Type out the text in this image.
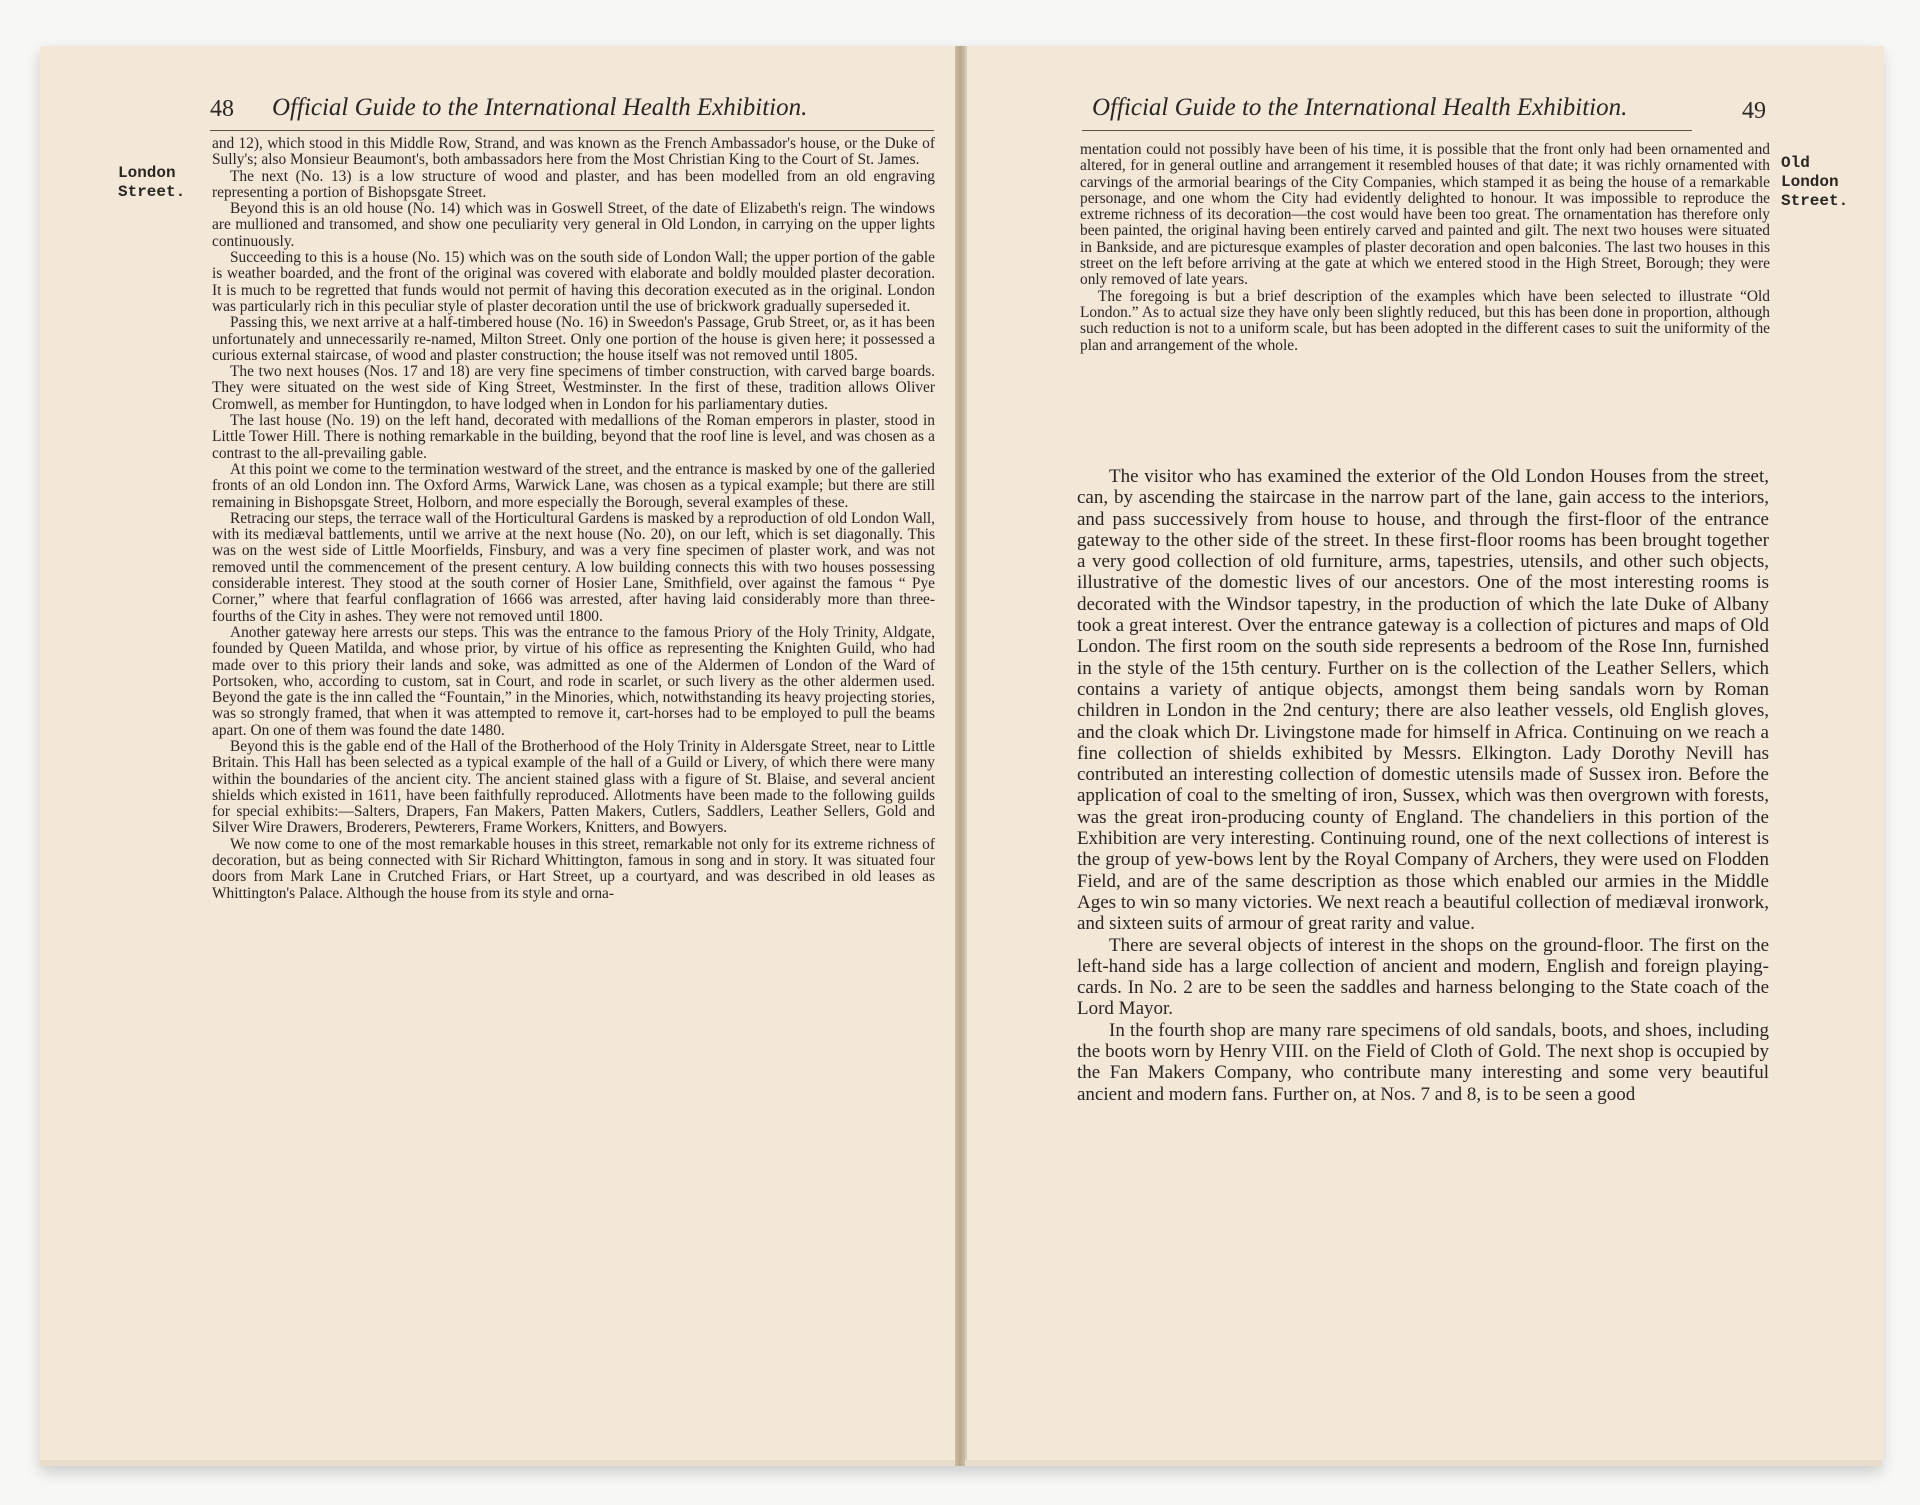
48 Official Guide to the International Health Exhibition.
London
Street.

and 12), which stood in this Middle Row, Strand, and was known as the French Ambassador's house, or the Duke of Sully's; also Monsieur Beaumont's, both ambassadors here from the Most Christian King to the Court of St. James.

The next (No. 13) is a low structure of wood and plaster, and has been modelled from an old engraving representing a portion of Bishopsgate Street.

Beyond this is an old house (No. 14) which was in Goswell Street, of the date of Elizabeth's reign. The windows are mullioned and transomed, and show one peculiarity very general in Old London, in carrying on the upper lights continuously.

Succeeding to this is a house (No. 15) which was on the south side of London Wall; the upper portion of the gable is weather boarded, and the front of the original was covered with elaborate and boldly moulded plaster decoration. It is much to be regretted that funds would not permit of having this decoration executed as in the original. London was particularly rich in this peculiar style of plaster decoration until the use of brickwork gradually superseded it.

Passing this, we next arrive at a half-timbered house (No. 16) in Sweedon's Passage, Grub Street, or, as it has been unfortunately and unnecessarily re-named, Milton Street. Only one portion of the house is given here; it possessed a curious external staircase, of wood and plaster construction; the house itself was not removed until 1805.

The two next houses (Nos. 17 and 18) are very fine specimens of timber construction, with carved barge boards. They were situated on the west side of King Street, Westminster. In the first of these, tradition allows Oliver Cromwell, as member for Huntingdon, to have lodged when in London for his parliamentary duties.

The last house (No. 19) on the left hand, decorated with medallions of the Roman emperors in plaster, stood in Little Tower Hill. There is nothing remarkable in the building, beyond that the roof line is level, and was chosen as a contrast to the all-prevailing gable.

At this point we come to the termination westward of the street, and the entrance is masked by one of the galleried fronts of an old London inn. The Oxford Arms, Warwick Lane, was chosen as a typical example; but there are still remaining in Bishopsgate Street, Holborn, and more especially the Borough, several examples of these.

Retracing our steps, the terrace wall of the Horticultural Gardens is masked by a reproduction of old London Wall, with its mediæval battlements, until we arrive at the next house (No. 20), on our left, which is set diagonally. This was on the west side of Little Moorfields, Finsbury, and was a very fine specimen of plaster work, and was not removed until the commencement of the present century. A low building connects this with two houses possessing considerable interest. They stood at the south corner of Hosier Lane, Smithfield, over against the famous “ Pye Corner,” where that fearful conflagration of 1666 was arrested, after having laid considerably more than three-fourths of the City in ashes. They were not removed until 1800.

Another gateway here arrests our steps. This was the entrance to the famous Priory of the Holy Trinity, Aldgate, founded by Queen Matilda, and whose prior, by virtue of his office as representing the Knighten Guild, who had made over to this priory their lands and soke, was admitted as one of the Aldermen of London of the Ward of Portsoken, who, according to custom, sat in Court, and rode in scarlet, or such livery as the other aldermen used. Beyond the gate is the inn called the “Fountain,” in the Minories, which, notwithstanding its heavy projecting stories, was so strongly framed, that when it was attempted to remove it, cart-horses had to be employed to pull the beams apart. On one of them was found the date 1480.

Beyond this is the gable end of the Hall of the Brotherhood of the Holy Trinity in Aldersgate Street, near to Little Britain. This Hall has been selected as a typical example of the hall of a Guild or Livery, of which there were many within the boundaries of the ancient city. The ancient stained glass with a figure of St. Blaise, and several ancient shields which existed in 1611, have been faithfully reproduced. Allotments have been made to the following guilds for special exhibits:—Salters, Drapers, Fan Makers, Patten Makers, Cutlers, Saddlers, Leather Sellers, Gold and Silver Wire Drawers, Broderers, Pewterers, Frame Workers, Knitters, and Bowyers.

We now come to one of the most remarkable houses in this street, remarkable not only for its extreme richness of decoration, but as being connected with Sir Richard Whittington, famous in song and in story. It was situated four doors from Mark Lane in Crutched Friars, or Hart Street, up a courtyard, and was described in old leases as Whittington's Palace. Although the house from its style and orna-

Official Guide to the International Health Exhibition.	49
Old
London
Street.

mentation could not possibly have been of his time, it is possible that the front only had been ornamented and altered, for in general outline and arrangement it resembled houses of that date; it was richly ornamented with carvings of the armorial bearings of the City Companies, which stamped it as being the house of a remarkable personage, and one whom the City had evidently delighted to honour. It was impossible to reproduce the extreme richness of its decoration—the cost would have been too great. The ornamentation has therefore only been painted, the original having been entirely carved and painted and gilt. The next two houses were situated in Bankside, and are picturesque examples of plaster decoration and open balconies. The last two houses in this street on the left before arriving at the gate at which we entered stood in the High Street, Borough; they were only removed of late years.

The foregoing is but a brief description of the examples which have been selected to illustrate “Old London.” As to actual size they have only been slightly reduced, but this has been done in proportion, although such reduction is not to a uniform scale, but has been adopted in the different cases to suit the uniformity of the plan and arrangement of the whole.

The visitor who has examined the exterior of the Old London Houses from the street, can, by ascending the staircase in the narrow part of the lane, gain access to the interiors, and pass successively from house to house, and through the first-floor of the entrance gateway to the other side of the street. In these first-floor rooms has been brought together a very good collection of old furniture, arms, tapestries, utensils, and other such objects, illustrative of the domestic lives of our ancestors. One of the most interesting rooms is decorated with the Windsor tapestry, in the production of which the late Duke of Albany took a great interest. Over the entrance gateway is a collection of pictures and maps of Old London. The first room on the south side represents a bedroom of the Rose Inn, furnished in the style of the 15th century. Further on is the collection of the Leather Sellers, which contains a variety of antique objects, amongst them being sandals worn by Roman children in London in the 2nd century; there are also leather vessels, old English gloves, and the cloak which Dr. Livingstone made for himself in Africa. Continuing on we reach a fine collection of shields exhibited by Messrs. Elkington. Lady Dorothy Nevill has contributed an interesting collection of domestic utensils made of Sussex iron. Before the application of coal to the smelting of iron, Sussex, which was then overgrown with forests, was the great iron-producing county of England. The chandeliers in this portion of the Exhibition are very interesting. Continuing round, one of the next collections of interest is the group of yew-bows lent by the Royal Company of Archers, they were used on Flodden Field, and are of the same description as those which enabled our armies in the Middle Ages to win so many victories. We next reach a beautiful collection of mediæval ironwork, and sixteen suits of armour of great rarity and value.

There are several objects of interest in the shops on the ground-floor. The first on the left-hand side has a large collection of ancient and modern, English and foreign playing-cards. In No. 2 are to be seen the saddles and harness belonging to the State coach of the Lord Mayor.

In the fourth shop are many rare specimens of old sandals, boots, and shoes, including the boots worn by Henry VIII. on the Field of Cloth of Gold. The next shop is occupied by the Fan Makers Company, who contribute many interesting and some very beautiful ancient and modern fans. Further on, at Nos. 7 and 8, is to be seen a good
